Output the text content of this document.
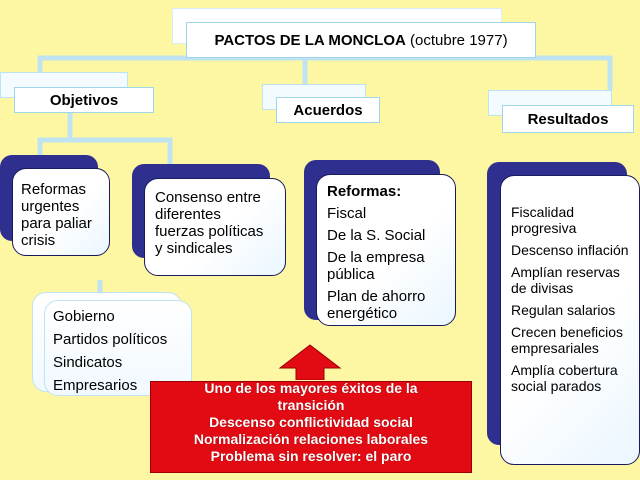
PACTOS DE LA MONCLOA
(octubre 1977)
Objetivos
Acuerdos
Resultados

Reformas

urgentes

para paliar

crisis

Consenso entre

diferentes

fuerzas políticas

y sindicales

Gobierno
Partidos políticos
Sindicatos
Empresarios

Reformas:

Fiscal

De la S. Social

De la empresa pública

Plan de ahorro energético

Fiscalidad progresiva

Descenso inflación

Amplían reservas de divisas

Regulan salarios

Crecen beneficios empresariales

Amplía cobertura social parados

Uno de los mayores éxitos de la
transición
Descenso conflictividad social
Normalización relaciones laborales
Problema sin resolver: el paro
